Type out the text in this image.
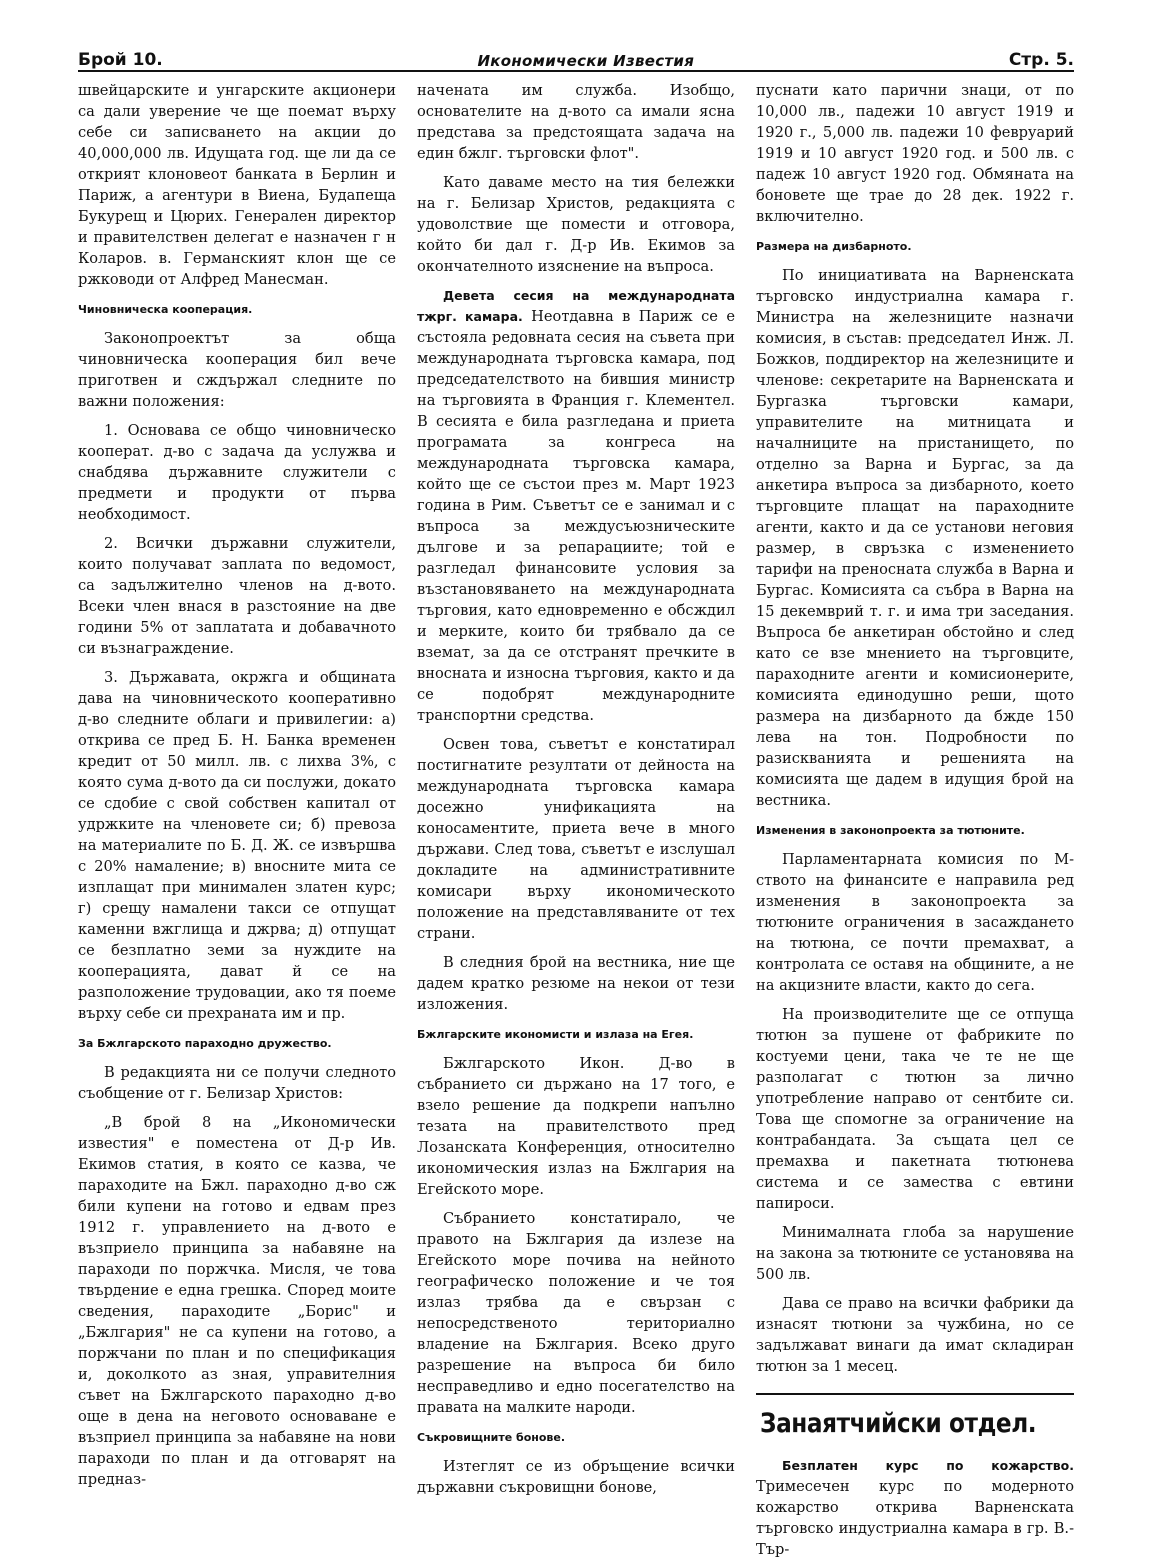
Брой 10.	Икономически Известия	Стр. 5.

швейцарските и унгарските акционери са дали уверение че ще поемат върху себе си записването на акции до 40,000,000 лв. Идущата год. ще ли да се открият клоновеот банката в Берлин и Париж, а агентури в Виена, Будапеща Букурещ и Цюрих. Генерален директор и правителствен делегат е назначен г н Коларов. в. Германският клон ще се ржководи от Алфред Манесман.

Чиновническа кооперация.

Законопроектът за обща чиновническа кооперация бил вече приготвен и сждържал следните по важни положения:

1. Основава се общо чиновническо кооперат. д-во с задача да услужва и снабдява държавните служители с предмети и продукти от първа необходимост.

2. Всички държавни служители, които получават заплата по ведомост, са задължително членов на д-вото. Всеки член внася в разстояние на две години 5% от заплатата и добавачното си възнаграждение.

3. Държавата, окржга и общината дава на чиновническото кооперативно д-во следните облаги и привилегии: а) открива се пред Б. Н. Банка временен кредит от 50 милл. лв. с лихва 3%, с която сума д-вото да си послужи, докато се сдобие с свой собствен капитал от удржките на членовете си; б) превоза на материалите по Б. Д. Ж. се извършва с 20% намаление; в) вносните мита се изплащат при минимален златен курс; г) срещу намалени такси се отпущат каменни вжглища и джрва; д) отпущат се безплатно земи за нуждите на кооперацията, дават й се на разположение трудовации, ако тя поеме върху себе си прехраната им и пр.

За Бжлгарското параходно дружество.

В редакцията ни се получи следното съобщение от г. Белизар Христов:

„В брой 8 на „Икономически известия" е поместена от Д-р Ив. Екимов статия, в която се казва, че параходите на Бжл. параходно д-во сж били купени на готово и едвам през 1912 г. управлението на д-вото е възприело принципа за набавяне на параходи по поржчка. Мисля, че това твърдение е една грешка. Според моите сведения, параходите „Борис" и „Бжлгария" не са купени на готово, а поржчани по план и по спецификация и, доколкото аз зная, управителния съвет на Бжлгарското параходно д-во още в дена на неговото основаване е възприел принципа за набавяне на нови параходи по план и да отговарят на предназ-

начената им служба. Изобщо, основателите на д-вото са имали ясна представа за предстоящата задача на един бжлг. търговски флот".

Като даваме место на тия бележки на г. Белизар Христов, редакцията с удоволствие ще помести и отговора, който би дал г. Д-р Ив. Екимов за окончателното изяснение на въпроса.

Девета сесия на международната тжрг. камара. Неотдавна в Париж се е състояла редовната сесия на съвета при международната търговска камара, под председателството на бившия министр на търговията в Франция г. Клементел. В сесията е била разгледана и приета програмата за конгреса на международната търговска камара, който ще се състои през м. Март 1923 година в Рим. Съветът се е занимал и с въпроса за междусъюзническите дългове и за репарациите; той е разгледал финансовите условия за възстановяването на международната търговия, като едновременно е обсждил и мерките, които би трябвало да се вземат, за да се отстранят пречките в вносната и износна търговия, както и да се подобрят международните транспортни средства.

Освен това, съветът е констатирал постигнатите резултати от дейноста на международната търговска камара досежно унификацията на коносаментите, приета вече в много държави. След това, съветът е изслушал докладите на административните комисари върху икономическото положение на представляваните от тех страни.

В следния брой на вестника, ние ще дадем кратко резюме на некои от тези изложения.

Бжлгарските икономисти и излаза на Егея.

Бжлгарското Икон. Д-во в събранието си държано на 17 того, е взело решение да подкрепи напълно тезата на правителството пред Лозанската Конференция, относително икономическия излаз на Бжлгария на Егейското море.

Събранието констатирало, че правото на Бжлгария да излезе на Егейското море почива на нейното географическо положение и че тоя излаз трябва да е свързан с непосредственото териториално владение на Бжлгария. Всеко друго разрешение на въпроса би било несправедливо и едно посегателство на правата на малките народи.

Съкровищните бонове.

Изтеглят се из обръщение всички държавни съкровищни бонове,

пуснати като парични знаци, от по 10,000 лв., падежи 10 август 1919 и 1920 г., 5,000 лв. падежи 10 февруарий 1919 и 10 август 1920 год. и 500 лв. с падеж 10 август 1920 год. Обмяната на боновете ще трае до 28 дек. 1922 г. включително.

Размера на дизбарното.

По инициативата на Варненската търговско индустриална камара г. Министра на железниците назначи комисия, в състав: председател Инж. Л. Божков, поддиректор на железниците и членове: секретарите на Варненската и Бургазка търговски камари, управителите на митницата и началниците на пристанището, по отделно за Варна и Бургас, за да анкетира въпроса за дизбарното, което търговците плащат на параходните агенти, както и да се установи неговия размер, в свръзка с изменението тарифи на преносната служба в Варна и Бургас. Комисията са събра в Варна на 15 декемврий т. г. и има три заседания. Въпроса бе анкетиран обстойно и след като се взе мнението на търговците, параходните агенти и комисионерите, комисията единодушно реши, щото размера на дизбарното да бжде 150 лева на тон. Подробности по разискванията и решенията на комисията ще дадем в идущия брой на вестника.

Изменения в законопроекта за тютюните.

Парламентарната комисия по М-ството на финансите е направила ред изменения в законопроекта за тютюните ограничения в засаждането на тютюна, се почти премахват, а контролата се оставя на общините, а не на акцизните власти, както до сега.

На производителите ще се отпуща тютюн за пушене от фабриките по костуеми цени, така че те не ще разполагат с тютюн за лично употребление направо от сентбите си. Това ще спомогне за ограничение на контрабандата. За същата цел се премахва и пакетната тютюнева система и се замества с евтини папироси.

Минималната глоба за нарушение на закона за тютюните се установява на 500 лв.

Дава се право на всички фабрики да изнасят тютюни за чужбина, но се задължават винаги да имат складиран тютюн за 1 месец.

Занаятчийски отдел.

Безплатен курс по кожарство. Тримесечен курс по модерното кожарство открива Варненската търговско индустриална камара в гр. В.-Тър-
